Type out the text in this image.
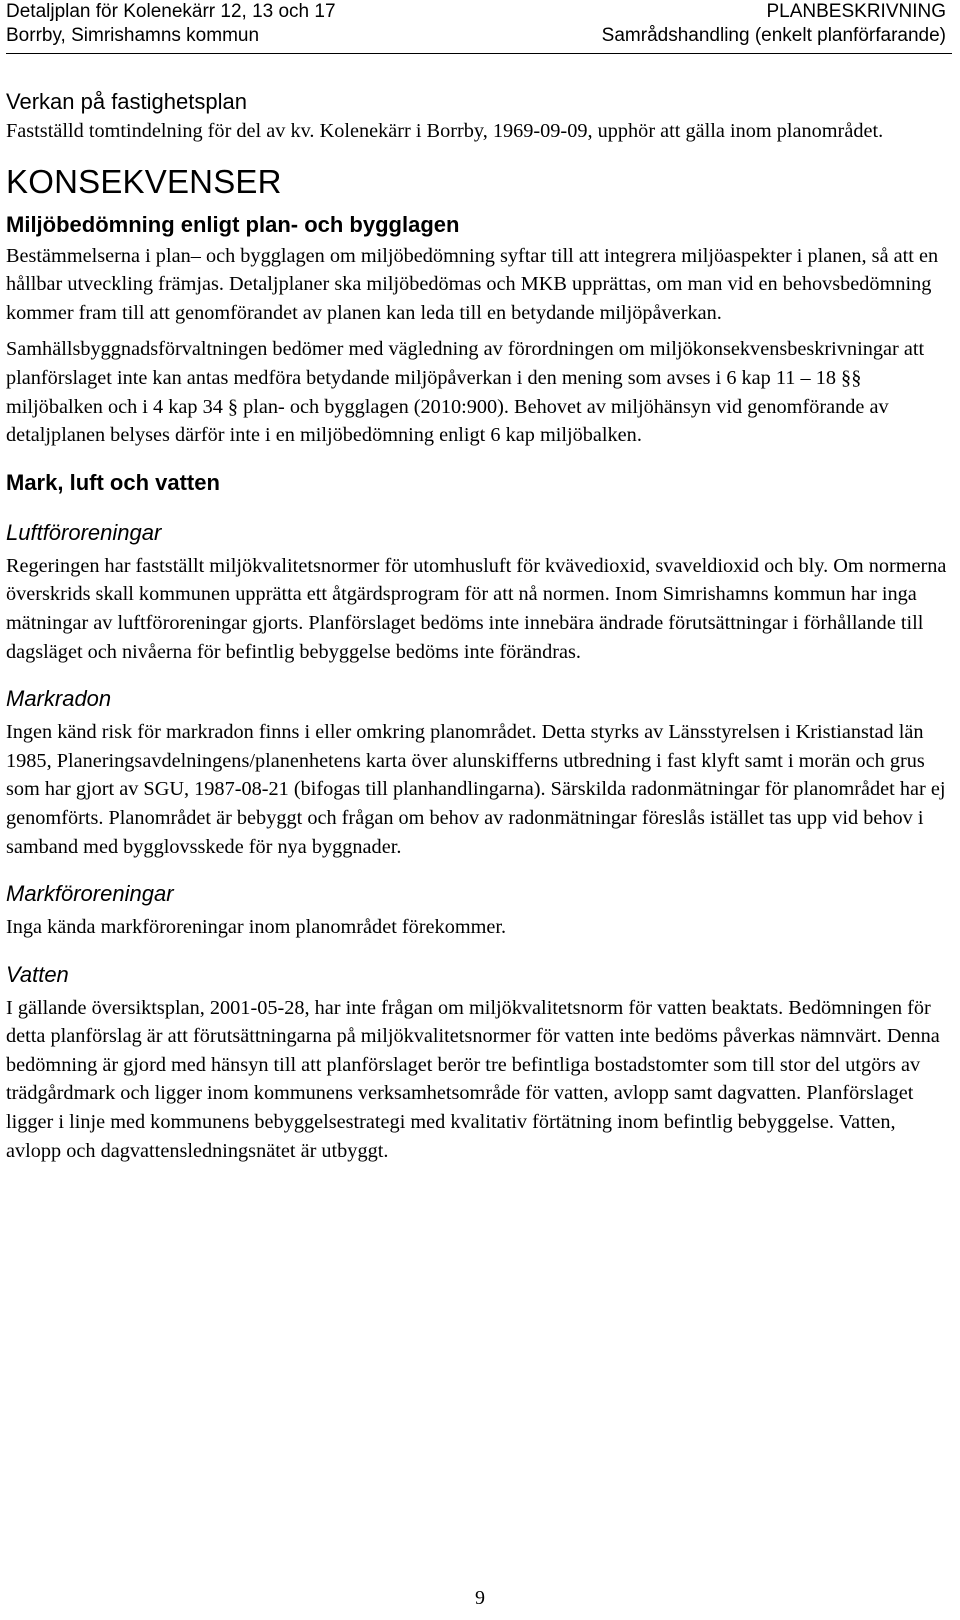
Detaljplan för Kolenekärr 12, 13 och 17
Borrby, Simrishamns kommun
PLANBESKRIVNING
Samrådshandling (enkelt planförfarande)
Verkan på fastighetsplan

Fastställd tomtindelning för del av kv. Kolenekärr i Borrby, 1969-09-09, upphör att gälla inom planområdet.

KONSEKVENSER
Miljöbedömning enligt plan- och bygglagen

Bestämmelserna i plan– och bygglagen om miljöbedömning syftar till att integrera miljöaspekter i planen, så att en hållbar utveckling främjas. Detaljplaner ska miljöbedömas och MKB upprättas, om man vid en behovsbedömning kommer fram till att genomförandet av planen kan leda till en betydande miljöpåverkan.

Samhällsbyggnadsförvaltningen bedömer med vägledning av förordningen om miljökonsekvensbeskrivningar att planförslaget inte kan antas medföra betydande miljöpåverkan i den mening som avses i 6 kap 11 – 18 §§ miljöbalken och i 4 kap 34 § plan- och bygglagen (2010:900). Behovet av miljöhänsyn vid genomförande av detaljplanen belyses därför inte i en miljöbedömning enligt 6 kap miljöbalken.

Mark, luft och vatten
Luftföroreningar

Regeringen har fastställt miljökvalitetsnormer för utomhusluft för kvävedioxid, svaveldioxid och bly. Om normerna överskrids skall kommunen upprätta ett åtgärdsprogram för att nå normen. Inom Simrishamns kommun har inga mätningar av luftföroreningar gjorts. Planförslaget bedöms inte innebära ändrade förutsättningar i förhållande till dagsläget och nivåerna för befintlig bebyggelse bedöms inte förändras.

Markradon

Ingen känd risk för markradon finns i eller omkring planområdet. Detta styrks av Länsstyrelsen i Kristianstad län 1985, Planeringsavdelningens/planenhetens karta över alunskifferns utbredning i fast klyft samt i morän och grus som har gjort av SGU, 1987-08-21 (bifogas till planhandlingarna). Särskilda radonmätningar för planområdet har ej genomförts. Planområdet är bebyggt och frågan om behov av radonmätningar föreslås istället tas upp vid behov i samband med bygglovsskede för nya byggnader.

Markföroreningar

Inga kända markföroreningar inom planområdet förekommer.

Vatten

I gällande översiktsplan, 2001-05-28, har inte frågan om miljökvalitetsnorm för vatten beaktats. Bedömningen för detta planförslag är att förutsättningarna på miljökvalitetsnormer för vatten inte bedöms påverkas nämnvärt. Denna bedömning är gjord med hänsyn till att planförslaget berör tre befintliga bostadstomter som till stor del utgörs av trädgårdmark och ligger inom kommunens verksamhetsområde för vatten, avlopp samt dagvatten. Planförslaget ligger i linje med kommunens bebyggelsestrategi med kvalitativ förtätning inom befintlig bebyggelse. Vatten, avlopp och dagvattensledningsnätet är utbyggt.

9
